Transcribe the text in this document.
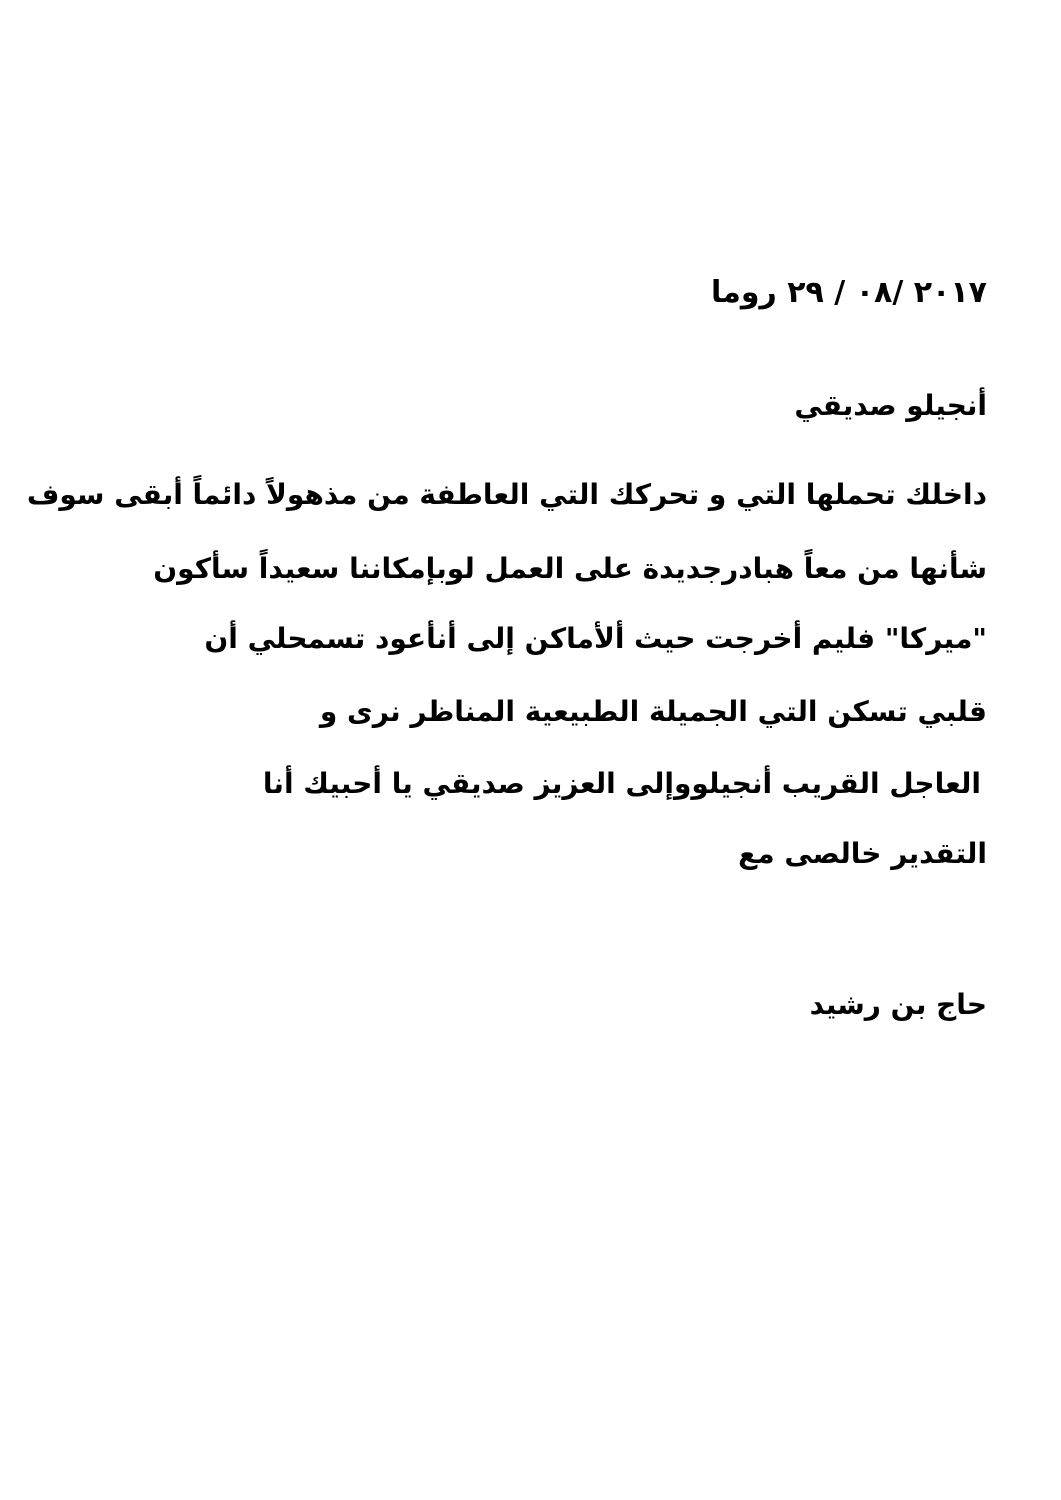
٢٠١٧ /٠٨ / ٢٩ روما
أنجيلو صديقي
داخلك تحملها التي و تحركك التي العاطفة من مذهولاً دائماً أبقى سوف
شأنها من معاً هبادرجديدة على العمل لوبإمكاننا سعيداً سأكون
"ميركا" فليم أخرجت حيث ألأماكن إلى أنأعود تسمحلي أن
قلبي تسكن التي الجميلة الطبيعية المناظر نرى و
العاجل القريب أنجيلووإلى العزيز صديقي يا أحبيك أنا
التقدير خالصى مع
حاج بن رشيد
